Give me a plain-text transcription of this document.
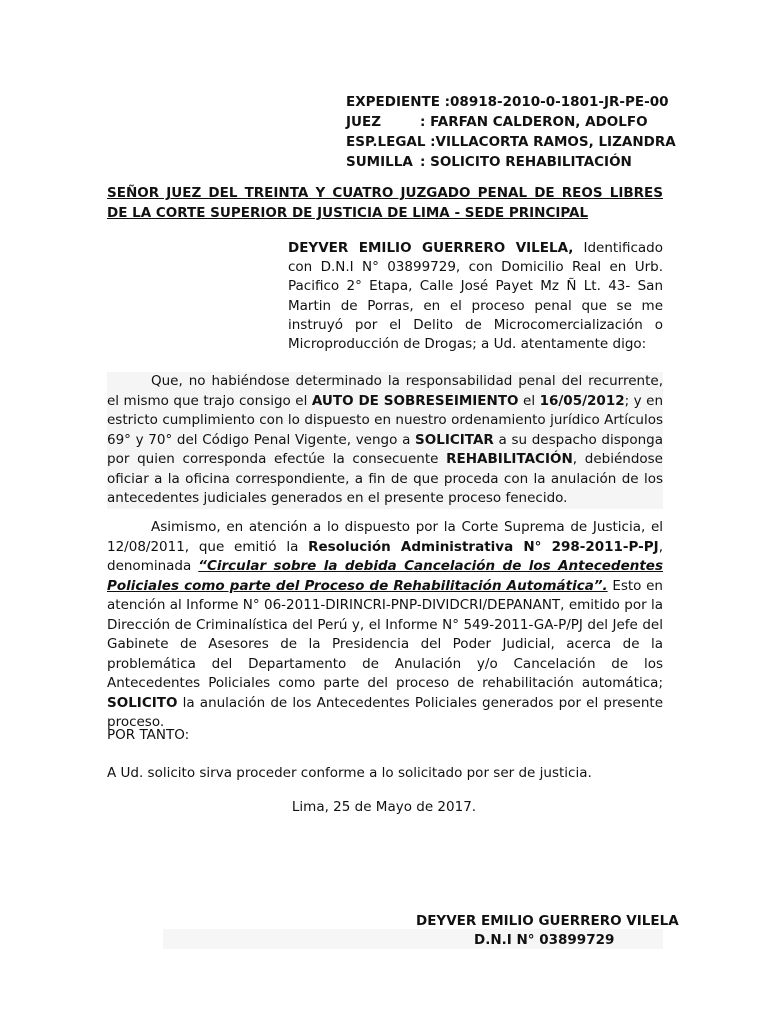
EXPEDIENTE :08918-2010-0-1801-JR-PE-00
JUEZ	: FARFAN CALDERON, ADOLFO
ESP.LEGAL :VILLACORTA RAMOS, LIZANDRA
SUMILLA : SOLICITO REHABILITACIÓN
SEÑOR JUEZ DEL TREINTA Y CUATRO JUZGADO PENAL DE REOS LIBRES DE LA CORTE SUPERIOR DE JUSTICIA DE LIMA - SEDE PRINCIPAL
DEYVER EMILIO GUERRERO VILELA, Identificado con D.N.I N° 03899729, con Domicilio Real en Urb. Pacifico 2° Etapa, Calle José Payet Mz Ñ Lt. 43- San Martin de Porras, en el proceso penal que se me instruyó por el Delito de Microcomercialización o Microproducción de Drogas; a Ud. atentamente digo:
Que, no habiéndose determinado la responsabilidad penal del recurrente, el mismo que trajo consigo el AUTO DE SOBRESEIMIENTO el 16/05/2012; y en estricto cumplimiento con lo dispuesto en nuestro ordenamiento jurídico Artículos 69° y 70° del Código Penal Vigente, vengo a SOLICITAR a su despacho disponga por quien corresponda efectúe la consecuente REHABILITACIÓN, debiéndose oficiar a la oficina correspondiente, a fin de que proceda con la anulación de los antecedentes judiciales generados en el presente proceso fenecido.
Asimismo, en atención a lo dispuesto por la Corte Suprema de Justicia, el 12/08/2011, que emitió la Resolución Administrativa N° 298-2011-P-PJ, denominada “Circular sobre la debida Cancelación de los Antecedentes Policiales como parte del Proceso de Rehabilitación Automática”. Esto en atención al Informe N° 06-2011-DIRINCRI-PNP-DIVIDCRI/DEPANANT, emitido por la Dirección de Criminalística del Perú y, el Informe N° 549-2011-GA-P/PJ del Jefe del Gabinete de Asesores de la Presidencia del Poder Judicial, acerca de la problemática del Departamento de Anulación y/o Cancelación de los Antecedentes Policiales como parte del proceso de rehabilitación automática; SOLICITO la anulación de los Antecedentes Policiales generados por el presente proceso.
POR TANTO:
A Ud. solicito sirva proceder conforme a lo solicitado por ser de justicia.
Lima, 25 de Mayo de 2017.
DEYVER EMILIO GUERRERO VILELA
D.N.I N° 03899729
